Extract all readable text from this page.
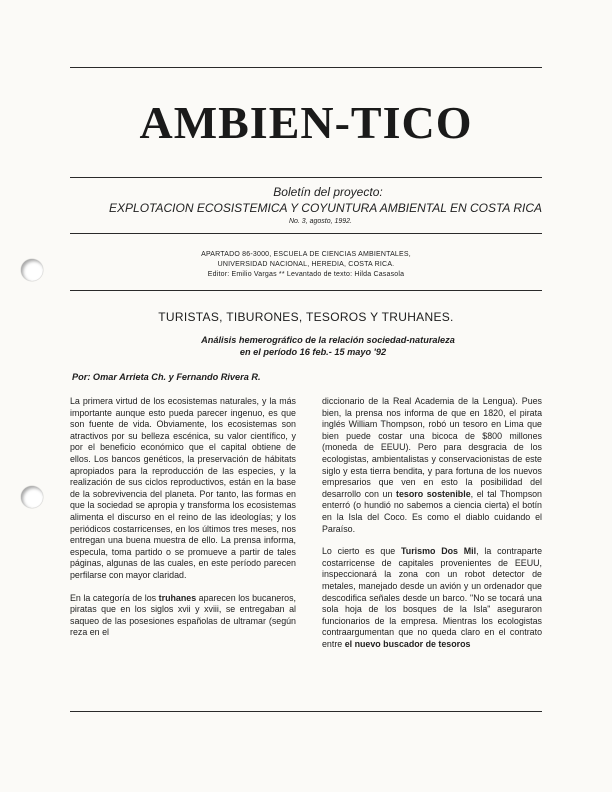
AMBIEN-TICO
Boletín del proyecto:
EXPLOTACION ECOSISTEMICA Y COYUNTURA AMBIENTAL EN COSTA RICA
No. 3, agosto, 1992.
APARTADO 86-3000, ESCUELA DE CIENCIAS AMBIENTALES,
UNIVERSIDAD NACIONAL, HEREDIA, COSTA RICA.
Editor: Emilio Vargas ** Levantado de texto: Hilda Casasola
TURISTAS, TIBURONES, TESOROS Y TRUHANES.
Análisis hemerográfico de la relación sociedad-naturaleza
en el período 16 feb.- 15 mayo '92
Por: Omar Arrieta Ch. y Fernando Rivera R.

La primera virtud de los ecosistemas naturales, y la más importante aunque esto pueda parecer ingenuo, es que son fuente de vida. Obviamente, los ecosistemas son atractivos por su belleza escénica, su valor científico, y por el beneficio económico que el capital obtiene de ellos. Los bancos genéticos, la preservación de hábitats apropiados para la reproducción de las especies, y la realización de sus ciclos reproductivos, están en la base de la sobrevivencia del planeta. Por tanto, las formas en que la sociedad se apropia y transforma los ecosistemas alimenta el discurso en el reino de las ideologías; y los periódicos costarricenses, en los últimos tres meses, nos entregan una buena muestra de ello. La prensa informa, especula, toma partido o se promueve a partir de tales páginas, algunas de las cuales, en este período parecen perfilarse con mayor claridad.

En la categoría de los truhanes aparecen los bucaneros, piratas que en los siglos xvii y xviii, se entregaban al saqueo de las posesiones españolas de ultramar (según reza en el

diccionario de la Real Academia de la Lengua). Pues bien, la prensa nos informa de que en 1820, el pirata inglés William Thompson, robó un tesoro en Lima que bien puede costar una bicoca de $800 millones (moneda de EEUU). Pero para desgracia de los ecologistas, ambientalistas y conservacionistas de este siglo y esta tierra bendita, y para fortuna de los nuevos empresarios que ven en esto la posibilidad del desarrollo con un tesoro sostenible, el tal Thompson enterró (o hundió no sabemos a ciencia cierta) el botín en la Isla del Coco. Es como el diablo cuidando el Paraíso.

Lo cierto es que Turismo Dos Mil, la contraparte costarricense de capitales provenientes de EEUU, inspeccionará la zona con un robot detector de metales, manejado desde un avión y un ordenador que descodifica señales desde un barco. "No se tocará una sola hoja de los bosques de la Isla" aseguraron funcionarios de la empresa. Mientras los ecologistas contraargumentan que no queda claro en el contrato entre el nuevo buscador de tesoros
